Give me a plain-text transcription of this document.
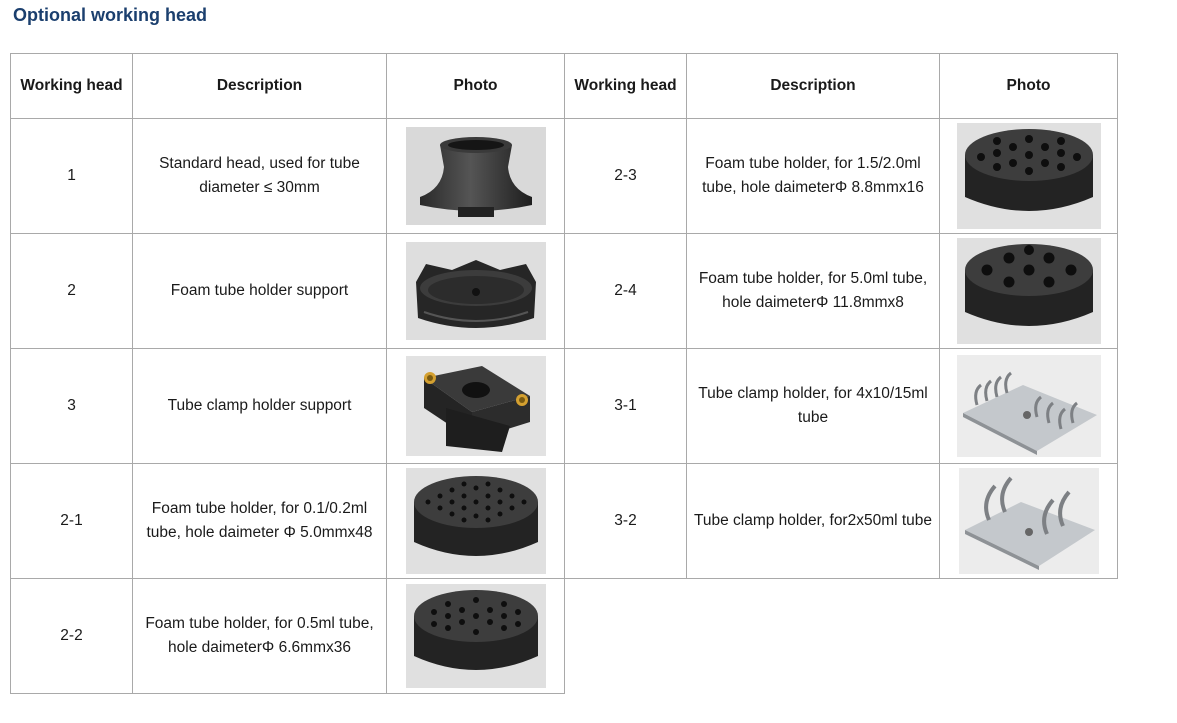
Optional working head
Working head	Description	Photo
1	Standard head, used for tube diameter ≤ 30mm	

2	Foam tube holder support	

3	Tube clamp holder support	

2-1	Foam tube holder, for 0.1/0.2ml tube, hole daimeter Φ 5.0mmx48	

2-2	Foam tube holder, for 0.5ml tube, hole daimeterΦ 6.6mmx36	
Working head	Description	Photo
2-3	Foam tube holder, for 1.5/2.0ml tube, hole daimeterΦ 8.8mmx16	

2-4	Foam tube holder, for 5.0ml tube, hole daimeterΦ 11.8mmx8	

3-1	Tube clamp holder, for 4x10/15ml tube	

3-2	Tube clamp holder, for2x50ml tube	
